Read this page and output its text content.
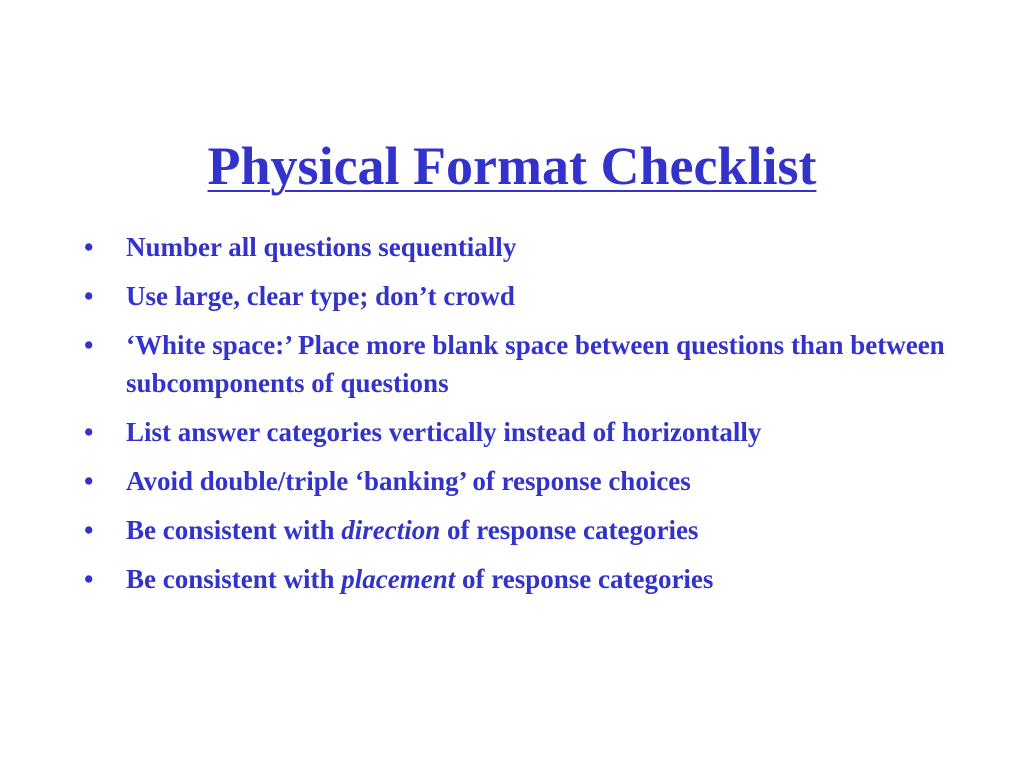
Physical Format Checklist
•	Number all questions sequentially
•	Use large, clear type; don’t crowd
•	‘White space:’ Place more blank space between questions than between subcomponents of questions
•	List answer categories vertically instead of horizontally
•	Avoid double/triple ‘banking’ of response choices
•	Be consistent with direction of response categories
•	Be consistent with placement of response categories
